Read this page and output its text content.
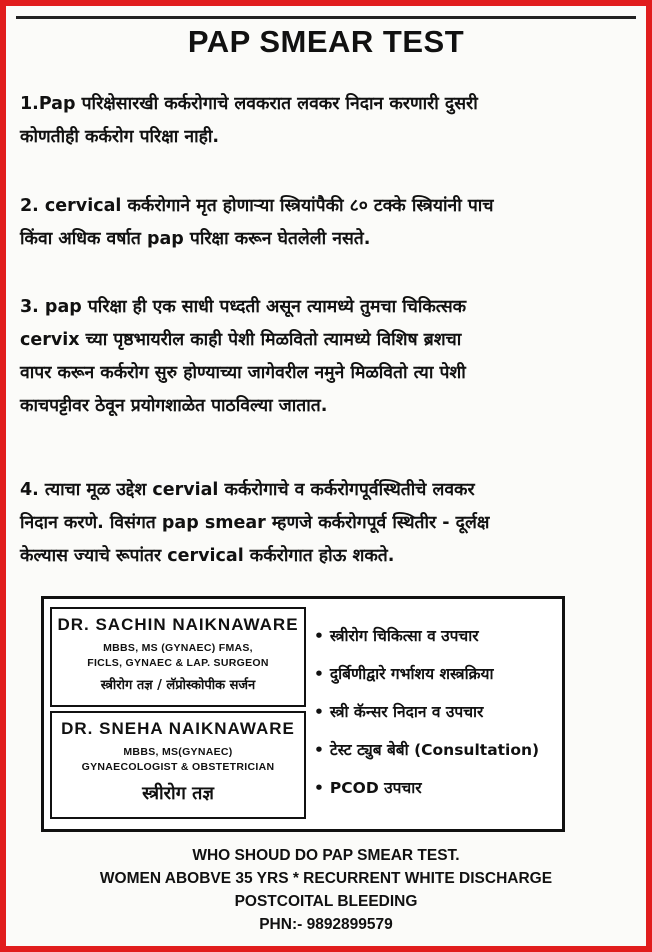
PAP SMEAR TEST

1.Pap परिक्षेसारखी कर्करोगाचे लवकरात लवकर निदान करणारी दुसरी
कोणतीही कर्करोग परिक्षा नाही.

2. cervical कर्करोगाने मृत होणाऱ्या स्त्रियांपैकी ८० टक्के स्त्रियांनी पाच
किंवा अधिक वर्षात pap परिक्षा करून घेतलेली नसते.

3. pap परिक्षा ही एक साधी पध्दती असून त्यामध्ये तुमचा चिकित्सक
cervix च्या पृष्ठभायरील काही पेशी मिळवितो त्यामध्ये विशिष ब्रशचा
वापर करून कर्करोग सुरु होण्याच्या जागेवरील नमुने मिळवितो त्या पेशी
काचपट्टीवर ठेवून प्रयोगशाळेत पाठविल्या जातात.

4. त्याचा मूळ उद्देश cervial कर्करोगाचे व कर्करोगपूर्वस्थितीचे लवकर
निदान करणे. विसंगत pap smear म्हणजे कर्करोगपूर्व स्थितीर - दूर्लक्ष
केल्यास ज्याचे रूपांतर cervical कर्करोगात होऊ शकते.

DR. SACHIN NAIKNAWARE
MBBS, MS (GYNAEC) FMAS,
FICLS, GYNAEC & LAP. SURGEON
स्त्रीरोग तज्ञ / लॅप्रोस्कोपीक सर्जन
DR. SNEHA NAIKNAWARE
MBBS, MS(GYNAEC)
GYNAECOLOGIST & OBSTETRICIAN
स्त्रीरोग तज्ञ
• स्त्रीरोग चिकित्सा व उपचार
• दुर्बिणीद्वारे गर्भाशय शस्त्रक्रिया
• स्त्री कॅन्सर निदान व उपचार
• टेस्ट ट्युब बेबी (Consultation)
• PCOD उपचार

WHO SHOUD DO PAP SMEAR TEST.

WOMEN ABOBVE 35 YRS * RECURRENT WHITE DISCHARGE

POSTCOITAL BLEEDING

PHN:- 9892899579
